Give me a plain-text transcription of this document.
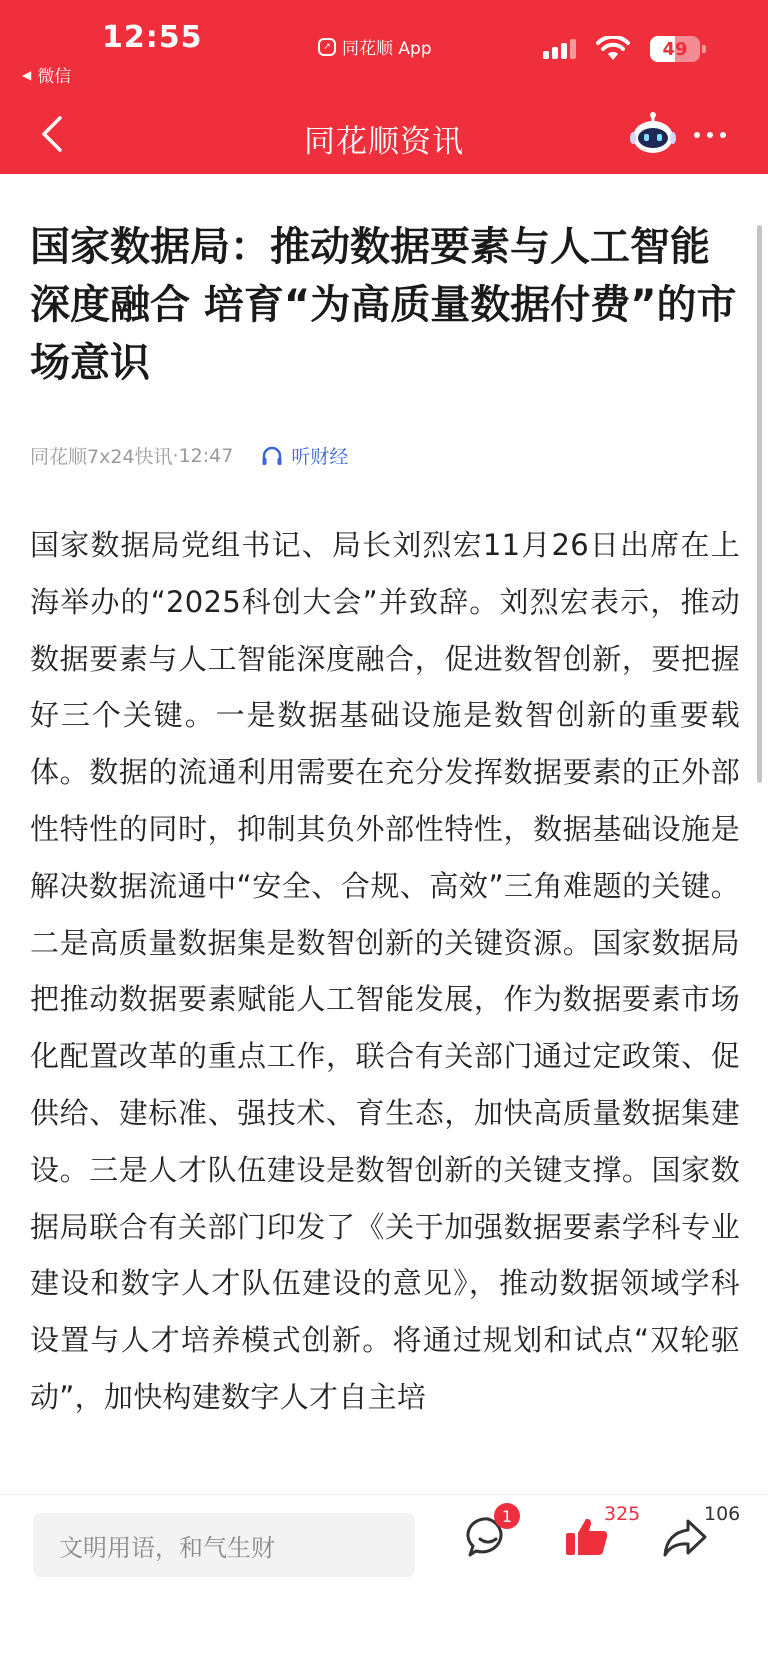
12:55
◀ 微信
↗ 同花顺 App	49
同花顺资讯
国家数据局：推动数据要素与人工智能深度融合 培育“为高质量数据付费”的市场意识
同花顺7x24快讯 · 12:47	听财经
国家数据局党组书记、局长刘烈宏11月26日出席在上海举办的“2025科创大会”并致辞。刘烈宏表示，推动数据要素与人工智能深度融合，促进数智创新，要把握好三个关键。一是数据基础设施是数智创新的重要载体。数据的流通利用需要在充分发挥数据要素的正外部性特性的同时，抑制其负外部性特性，数据基础设施是解决数据流通中“安全、合规、高效”三角难题的关键。二是高质量数据集是数智创新的关键资源。国家数据局把推动数据要素赋能人工智能发展，作为数据要素市场化配置改革的重点工作，联合有关部门通过定政策、促供给、建标准、强技术、育生态，加快高质量数据集建设。三是人才队伍建设是数智创新的关键支撑。国家数据局联合有关部门印发了《关于加强数据要素学科专业建设和数字人才队伍建设的意见》，推动数据领域学科设置与人才培养模式创新。将通过规划和试点“双轮驱动”，加快构建数字人才自主培
文明用语，和气生财
1	325	106
